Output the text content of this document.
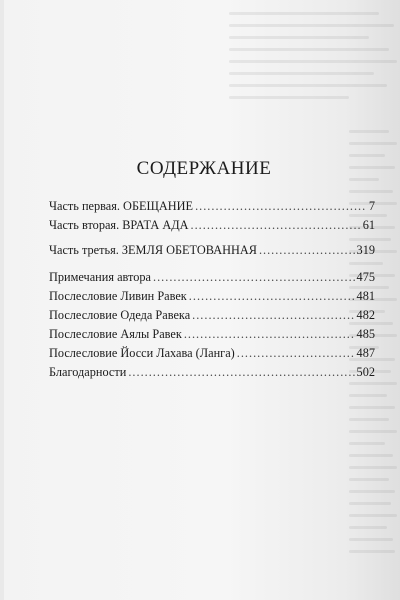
СОДЕРЖАНИЕ
Часть первая. ОБЕЩАНИЕ .....	7
Часть вторая. ВРАТА АДА .....	61
Часть третья. ЗЕМЛЯ ОБЕТОВАННАЯ .....	319
Примечания автора .....	475
Послесловие Ливин Равек .....	481
Послесловие Одеда Равека .....	482
Послесловие Аялы Равек .....	485
Послесловие Йосси Лахава (Ланга) .....	487
Благодарности .....	502
